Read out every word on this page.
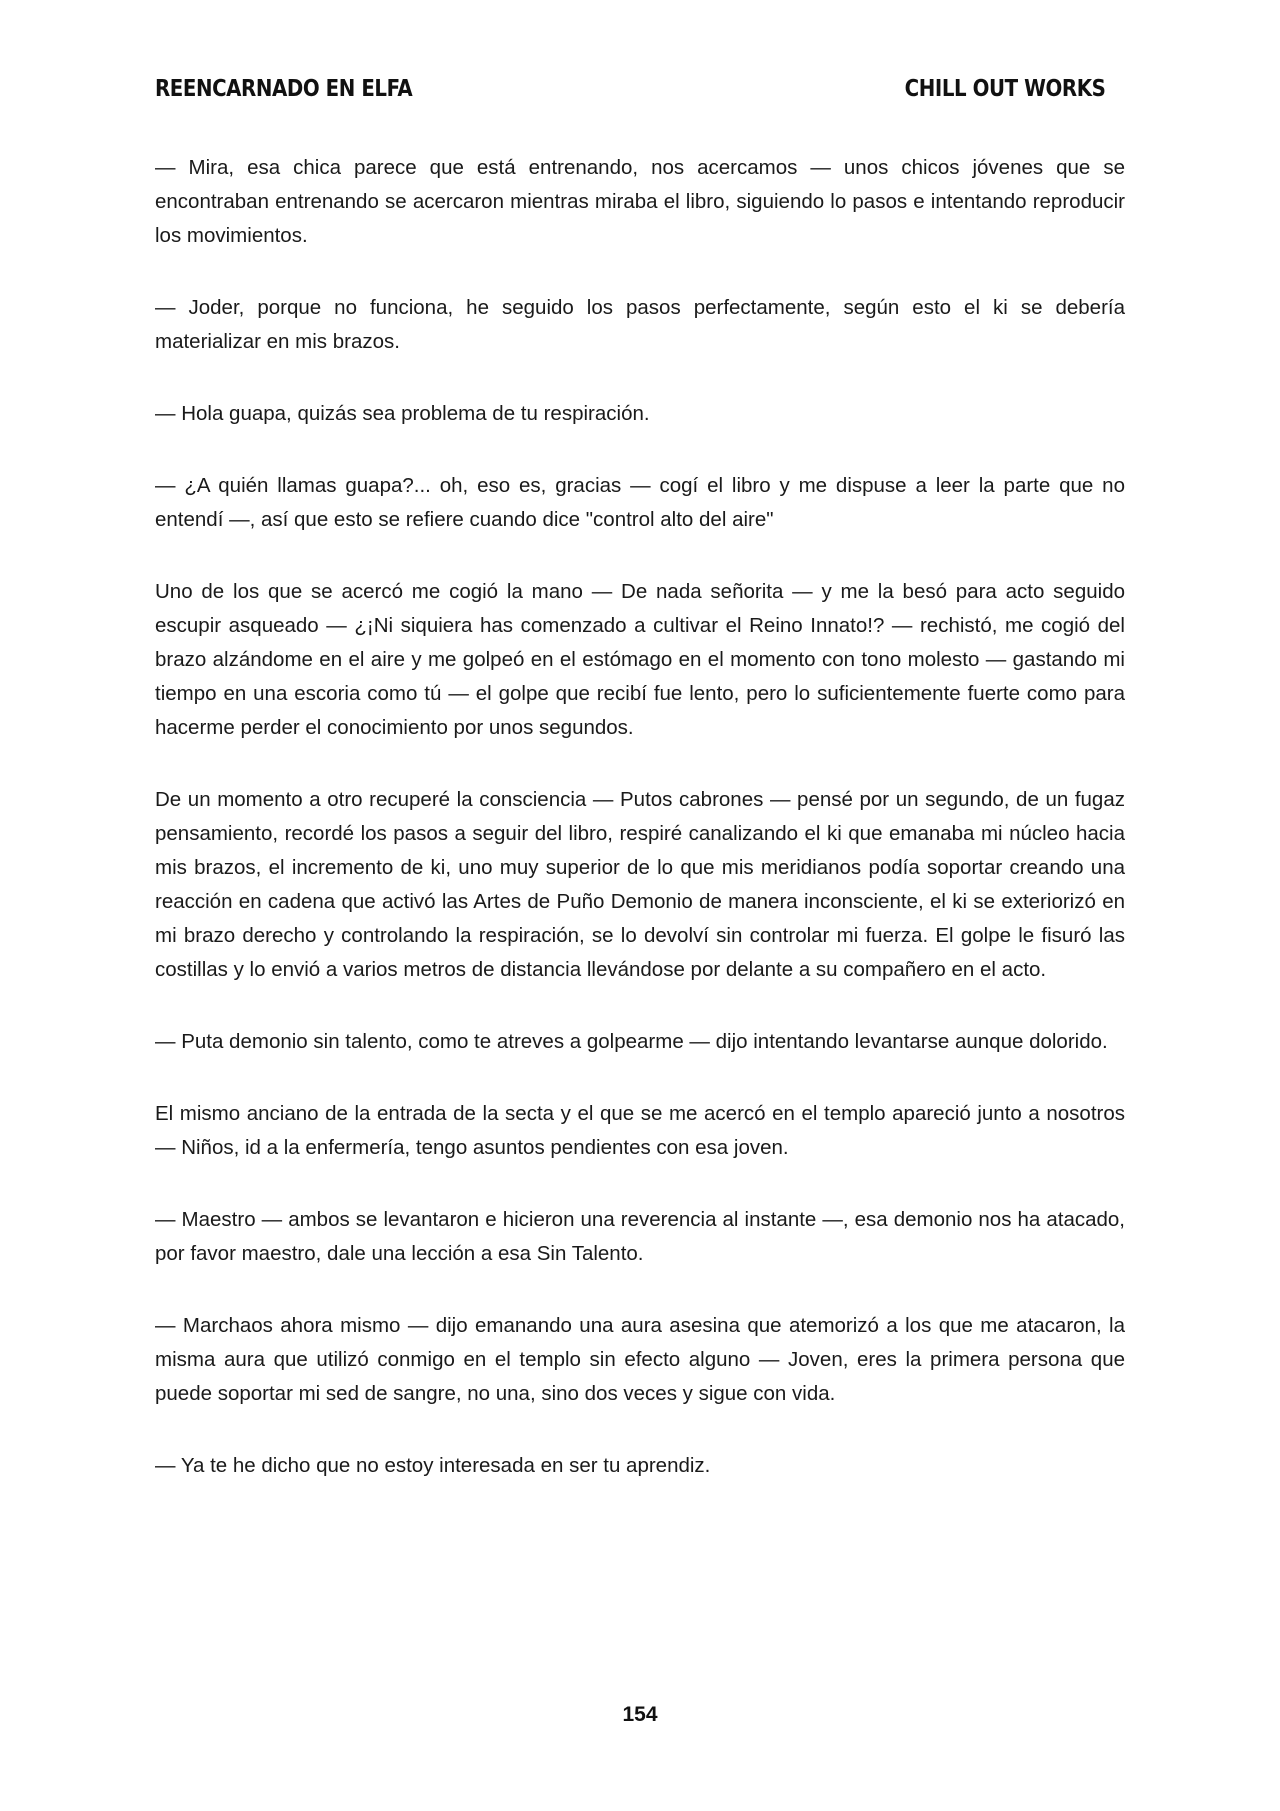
REENCARNADO EN ELFA	CHILL OUT WORKS

— Mira, esa chica parece que está entrenando, nos acercamos — unos chicos jóvenes que se encontraban entrenando se acercaron mientras miraba el libro, siguiendo lo pasos e intentando reproducir los movimientos.

— Joder, porque no funciona, he seguido los pasos perfectamente, según esto el ki se debería materializar en mis brazos.

— Hola guapa, quizás sea problema de tu respiración.

— ¿A quién llamas guapa?... oh, eso es, gracias — cogí el libro y me dispuse a leer la parte que no entendí —, así que esto se refiere cuando dice "control alto del aire"

Uno de los que se acercó me cogió la mano — De nada señorita — y me la besó para acto seguido escupir asqueado — ¿¡Ni siquiera has comenzado a cultivar el Reino Innato!? — rechistó, me cogió del brazo alzándome en el aire y me golpeó en el estómago en el momento con tono molesto — gastando mi tiempo en una escoria como tú — el golpe que recibí fue lento, pero lo suficientemente fuerte como para hacerme perder el conocimiento por unos segundos.

De un momento a otro recuperé la consciencia — Putos cabrones — pensé por un segundo, de un fugaz pensamiento, recordé los pasos a seguir del libro, respiré canalizando el ki que emanaba mi núcleo hacia mis brazos, el incremento de ki, uno muy superior de lo que mis meridianos podía soportar creando una reacción en cadena que activó las Artes de Puño Demonio de manera inconsciente, el ki se exteriorizó en mi brazo derecho y controlando la respiración, se lo devolví sin controlar mi fuerza. El golpe le fisuró las costillas y lo envió a varios metros de distancia llevándose por delante a su compañero en el acto.

— Puta demonio sin talento, como te atreves a golpearme — dijo intentando levantarse aunque dolorido.

El mismo anciano de la entrada de la secta y el que se me acercó en el templo apareció junto a nosotros — Niños, id a la enfermería, tengo asuntos pendientes con esa joven.

— Maestro — ambos se levantaron e hicieron una reverencia al instante —, esa demonio nos ha atacado, por favor maestro, dale una lección a esa Sin Talento.

— Marchaos ahora mismo — dijo emanando una aura asesina que atemorizó a los que me atacaron, la misma aura que utilizó conmigo en el templo sin efecto alguno — Joven, eres la primera persona que puede soportar mi sed de sangre, no una, sino dos veces y sigue con vida.

— Ya te he dicho que no estoy interesada en ser tu aprendiz.

154
